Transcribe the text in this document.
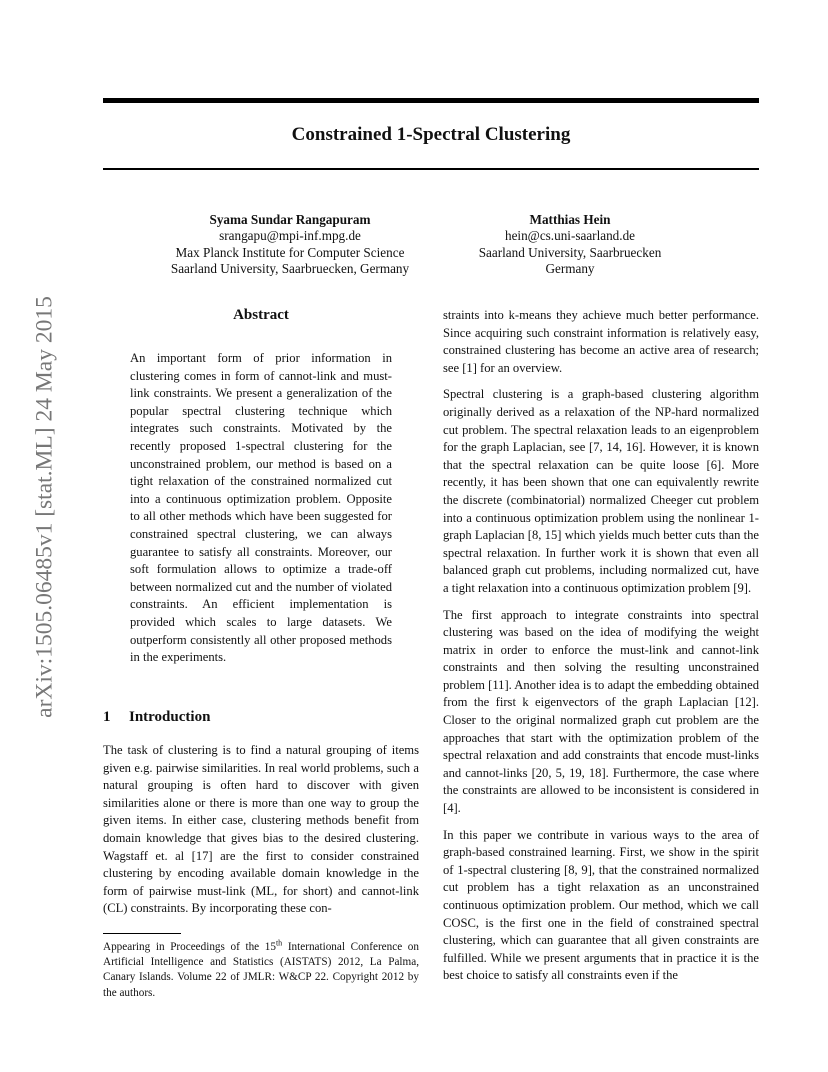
arXiv:1505.06485v1 [stat.ML] 24 May 2015
Constrained 1-Spectral Clustering
Syama Sundar Rangapuram
srangapu@mpi-inf.mpg.de
Max Planck Institute for Computer Science
Saarland University, Saarbruecken, Germany
Matthias Hein
hein@cs.uni-saarland.de
Saarland University, Saarbruecken
Germany
Abstract

An important form of prior information in clustering comes in form of cannot-link and must-link constraints. We present a generalization of the popular spectral clustering technique which integrates such constraints. Motivated by the recently proposed 1-spectral clustering for the unconstrained problem, our method is based on a tight relaxation of the constrained normalized cut into a continuous optimization problem. Opposite to all other methods which have been suggested for constrained spectral clustering, we can always guarantee to satisfy all constraints. Moreover, our soft formulation allows to optimize a trade-off between normalized cut and the number of violated constraints. An efficient implementation is provided which scales to large datasets. We outperform consistently all other proposed methods in the experiments.

1 Introduction

The task of clustering is to find a natural grouping of items given e.g. pairwise similarities. In real world problems, such a natural grouping is often hard to discover with given similarities alone or there is more than one way to group the given items. In either case, clustering methods benefit from domain knowledge that gives bias to the desired clustering. Wagstaff et. al [17] are the first to consider constrained clustering by encoding available domain knowledge in the form of pairwise must-link (ML, for short) and cannot-link (CL) constraints. By incorporating these con-

Appearing in Proceedings of the 15th International Conference on Artificial Intelligence and Statistics (AISTATS) 2012, La Palma, Canary Islands. Volume 22 of JMLR: W&CP 22. Copyright 2012 by the authors.

straints into k-means they achieve much better performance. Since acquiring such constraint information is relatively easy, constrained clustering has become an active area of research; see [1] for an overview.

Spectral clustering is a graph-based clustering algorithm originally derived as a relaxation of the NP-hard normalized cut problem. The spectral relaxation leads to an eigenproblem for the graph Laplacian, see [7, 14, 16]. However, it is known that the spectral relaxation can be quite loose [6]. More recently, it has been shown that one can equivalently rewrite the discrete (combinatorial) normalized Cheeger cut problem into a continuous optimization problem using the nonlinear 1-graph Laplacian [8, 15] which yields much better cuts than the spectral relaxation. In further work it is shown that even all balanced graph cut problems, including normalized cut, have a tight relaxation into a continuous optimization problem [9].

The first approach to integrate constraints into spectral clustering was based on the idea of modifying the weight matrix in order to enforce the must-link and cannot-link constraints and then solving the resulting unconstrained problem [11]. Another idea is to adapt the embedding obtained from the first k eigenvectors of the graph Laplacian [12]. Closer to the original normalized graph cut problem are the approaches that start with the optimization problem of the spectral relaxation and add constraints that encode must-links and cannot-links [20, 5, 19, 18]. Furthermore, the case where the constraints are allowed to be inconsistent is considered in [4].

In this paper we contribute in various ways to the area of graph-based constrained learning. First, we show in the spirit of 1-spectral clustering [8, 9], that the constrained normalized cut problem has a tight relaxation as an unconstrained continuous optimization problem. Our method, which we call COSC, is the first one in the field of constrained spectral clustering, which can guarantee that all given constraints are fulfilled. While we present arguments that in practice it is the best choice to satisfy all constraints even if the
